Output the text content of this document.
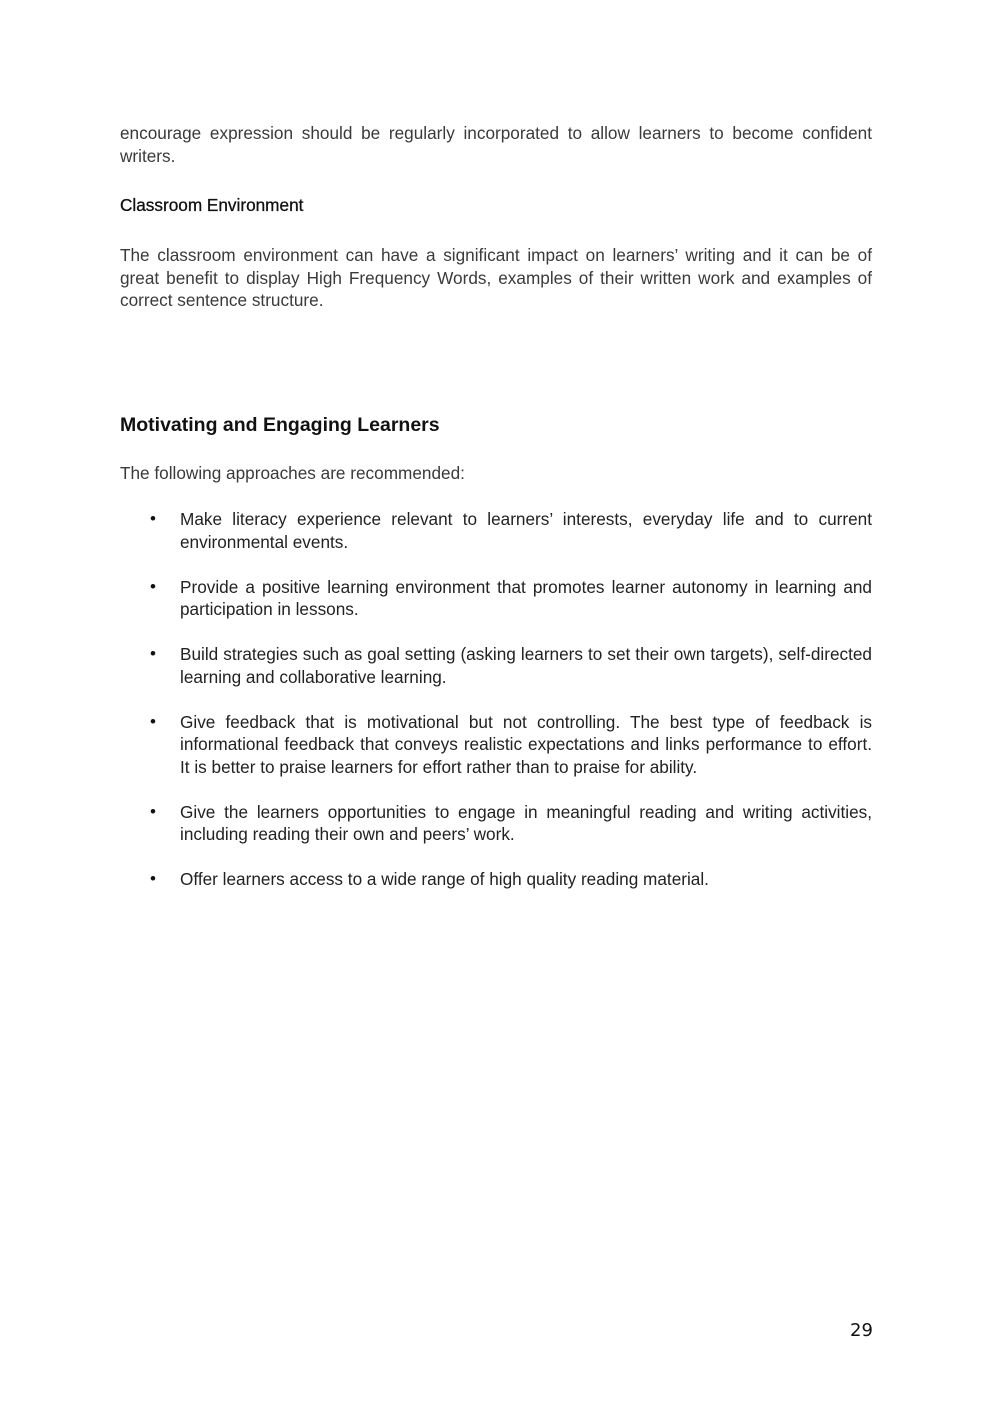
encourage expression should be regularly incorporated to allow learners to become confident writers.

Classroom Environment

The classroom environment can have a significant impact on learners’ writing and it can be of great benefit to display High Frequency Words, examples of their written work and examples of correct sentence structure.

Motivating and Engaging Learners

The following approaches are recommended:

• Make literacy experience relevant to learners’ interests, everyday life and to current environmental events.

• Provide a positive learning environment that promotes learner autonomy in learning and participation in lessons.

• Build strategies such as goal setting (asking learners to set their own targets), self-directed learning and collaborative learning.

• Give feedback that is motivational but not controlling. The best type of feedback is informational feedback that conveys realistic expectations and links performance to effort. It is better to praise learners for effort rather than to praise for ability.

• Give the learners opportunities to engage in meaningful reading and writing activities, including reading their own and peers’ work.

• Offer learners access to a wide range of high quality reading material.

29
